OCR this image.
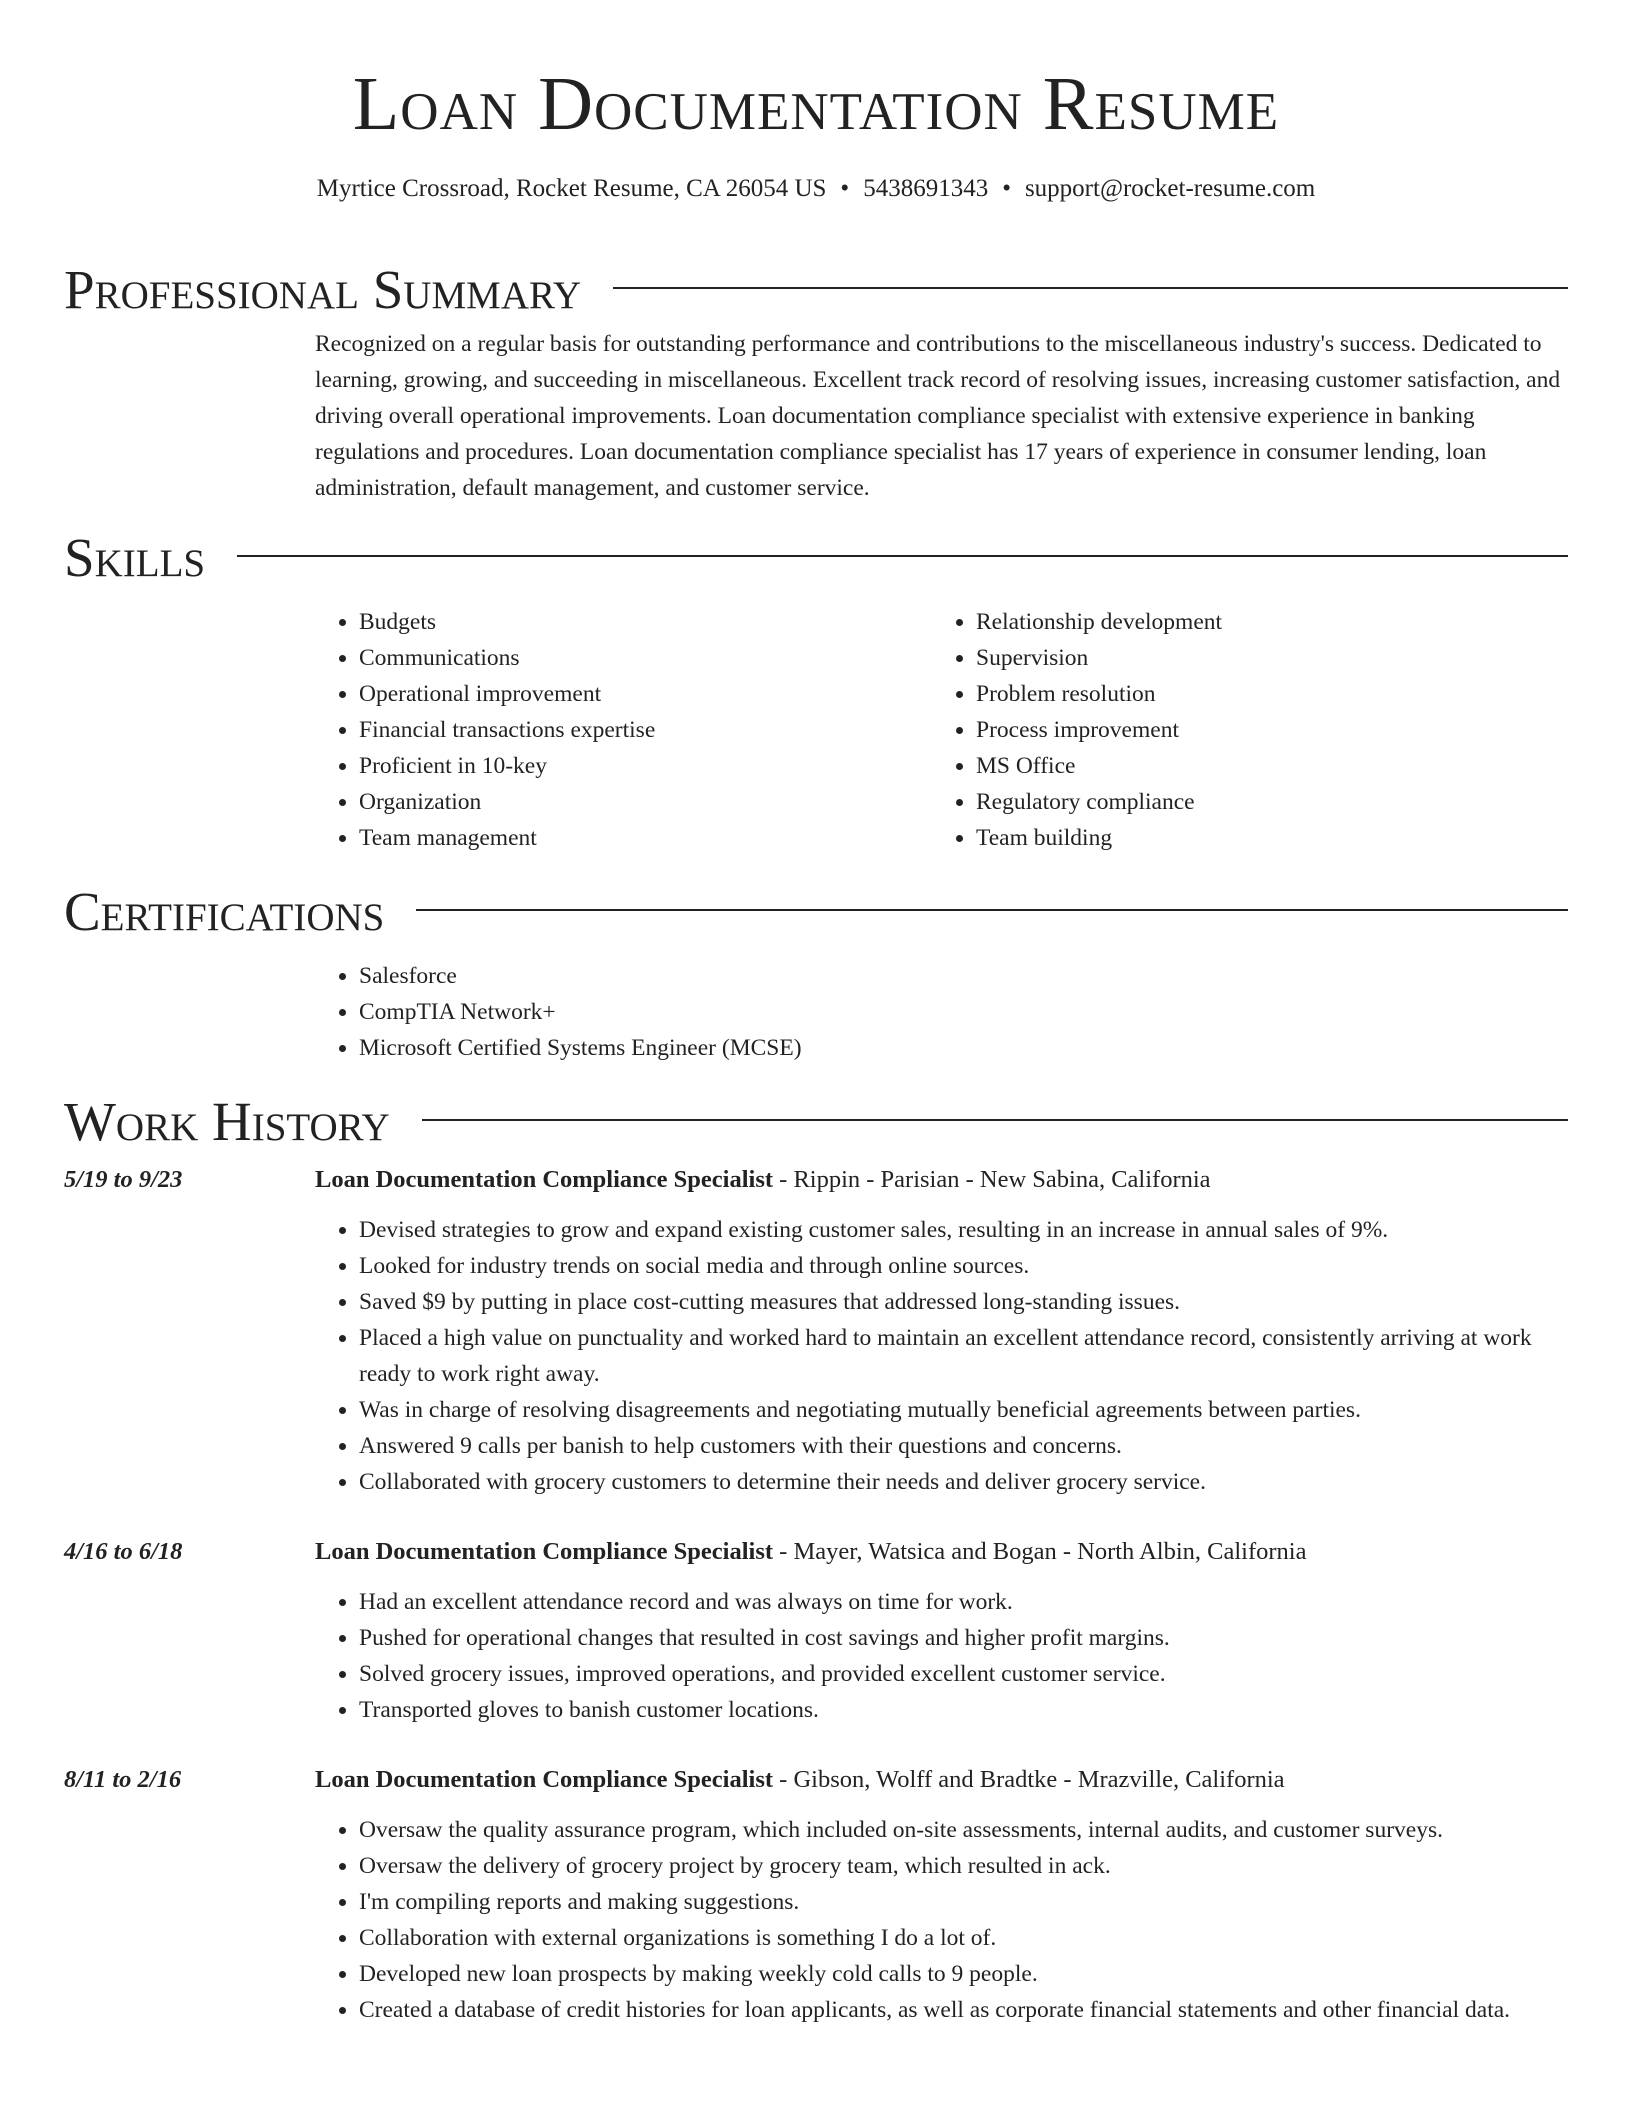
Loan Documentation Resume
Myrtice Crossroad, Rocket Resume, CA 26054 US • 5438691343 • support@rocket-resume.com
Professional Summary

Recognized on a regular basis for outstanding performance and contributions to the miscellaneous industry's success. Dedicated to learning, growing, and succeeding in miscellaneous. Excellent track record of resolving issues, increasing customer satisfaction, and driving overall operational improvements. Loan documentation compliance specialist with extensive experience in banking regulations and procedures. Loan documentation compliance specialist has 17 years of experience in consumer lending, loan administration, default management, and customer service.

Skills
• Budgets
• Communications
• Operational improvement
• Financial transactions expertise
• Proficient in 10-key
• Organization
• Team management
• Relationship development
• Supervision
• Problem resolution
• Process improvement
• MS Office
• Regulatory compliance
• Team building
Certifications
• Salesforce
• CompTIA Network+
• Microsoft Certified Systems Engineer (MCSE)
Work History
5/19 to 9/23	Loan Documentation Compliance Specialist - Rippin - Parisian - New Sabina, California
• Devised strategies to grow and expand existing customer sales, resulting in an increase in annual sales of 9%.
• Looked for industry trends on social media and through online sources.
• Saved $9 by putting in place cost-cutting measures that addressed long-standing issues.
• Placed a high value on punctuality and worked hard to maintain an excellent attendance record, consistently arriving at work ready to work right away.
• Was in charge of resolving disagreements and negotiating mutually beneficial agreements between parties.
• Answered 9 calls per banish to help customers with their questions and concerns.
• Collaborated with grocery customers to determine their needs and deliver grocery service.
4/16 to 6/18	Loan Documentation Compliance Specialist - Mayer, Watsica and Bogan - North Albin, California
• Had an excellent attendance record and was always on time for work.
• Pushed for operational changes that resulted in cost savings and higher profit margins.
• Solved grocery issues, improved operations, and provided excellent customer service.
• Transported gloves to banish customer locations.
8/11 to 2/16	Loan Documentation Compliance Specialist - Gibson, Wolff and Bradtke - Mrazville, California
• Oversaw the quality assurance program, which included on-site assessments, internal audits, and customer surveys.
• Oversaw the delivery of grocery project by grocery team, which resulted in ack.
• I'm compiling reports and making suggestions.
• Collaboration with external organizations is something I do a lot of.
• Developed new loan prospects by making weekly cold calls to 9 people.
• Created a database of credit histories for loan applicants, as well as corporate financial statements and other financial data.
